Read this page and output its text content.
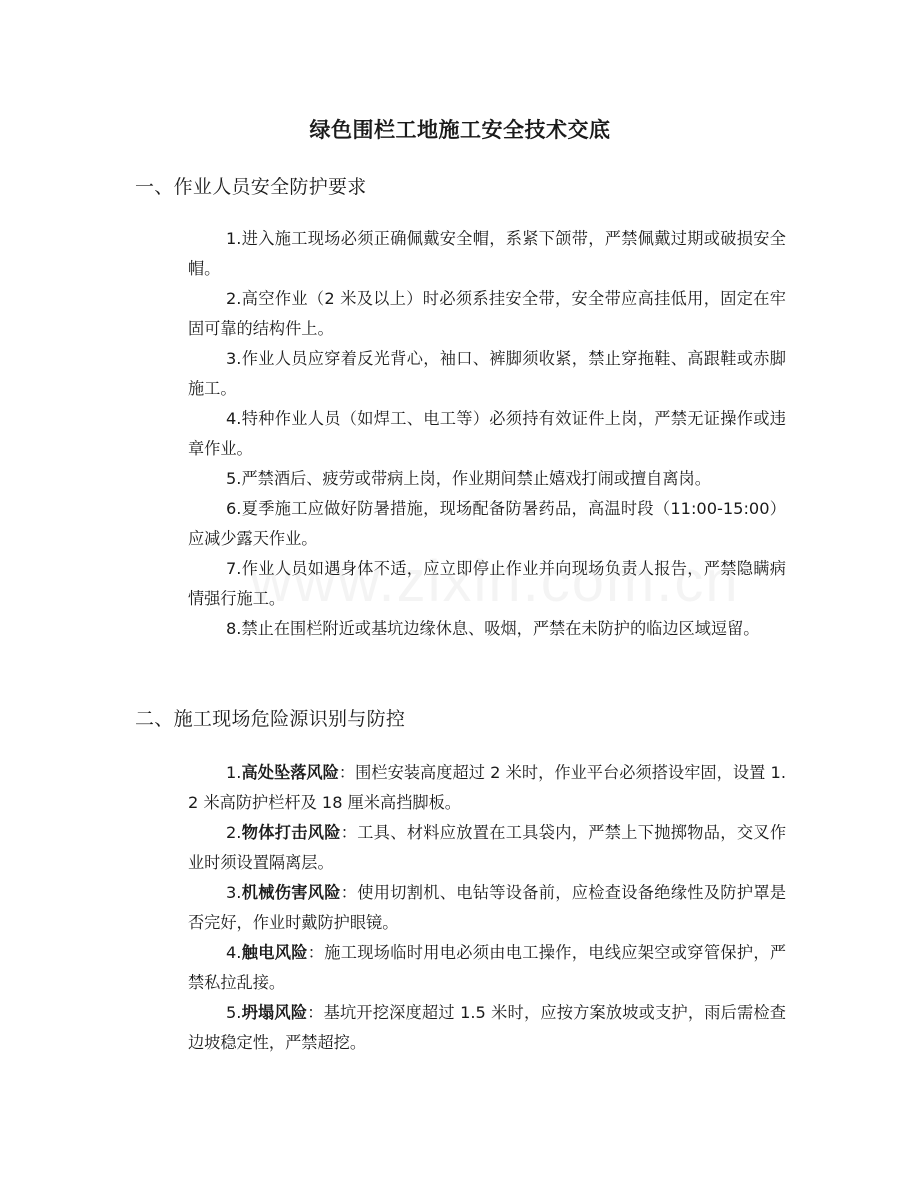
绿色围栏工地施工安全技术交底
一、作业人员安全防护要求
1.进入施工现场必须正确佩戴安全帽，系紧下颌带，严禁佩戴过期或破损安全帽。
2.高空作业（2 米及以上）时必须系挂安全带，安全带应高挂低用，固定在牢固可靠的结构件上。
3.作业人员应穿着反光背心，袖口、裤脚须收紧，禁止穿拖鞋、高跟鞋或赤脚施工。
4.特种作业人员（如焊工、电工等）必须持有效证件上岗，严禁无证操作或违章作业。
5.严禁酒后、疲劳或带病上岗，作业期间禁止嬉戏打闹或擅自离岗。
6.夏季施工应做好防暑措施，现场配备防暑药品，高温时段（11:00-15:00）应减少露天作业。
7.作业人员如遇身体不适，应立即停止作业并向现场负责人报告，严禁隐瞒病情强行施工。
8.禁止在围栏附近或基坑边缘休息、吸烟，严禁在未防护的临边区域逗留。
二、施工现场危险源识别与防控
1.高处坠落风险：围栏安装高度超过 2 米时，作业平台必须搭设牢固，设置 1.2 米高防护栏杆及 18 厘米高挡脚板。
2.物体打击风险：工具、材料应放置在工具袋内，严禁上下抛掷物品，交叉作业时须设置隔离层。
3.机械伤害风险：使用切割机、电钻等设备前，应检查设备绝缘性及防护罩是否完好，作业时戴防护眼镜。
4.触电风险：施工现场临时用电必须由电工操作，电线应架空或穿管保护，严禁私拉乱接。
5.坍塌风险：基坑开挖深度超过 1.5 米时，应按方案放坡或支护，雨后需检查边坡稳定性，严禁超挖。
